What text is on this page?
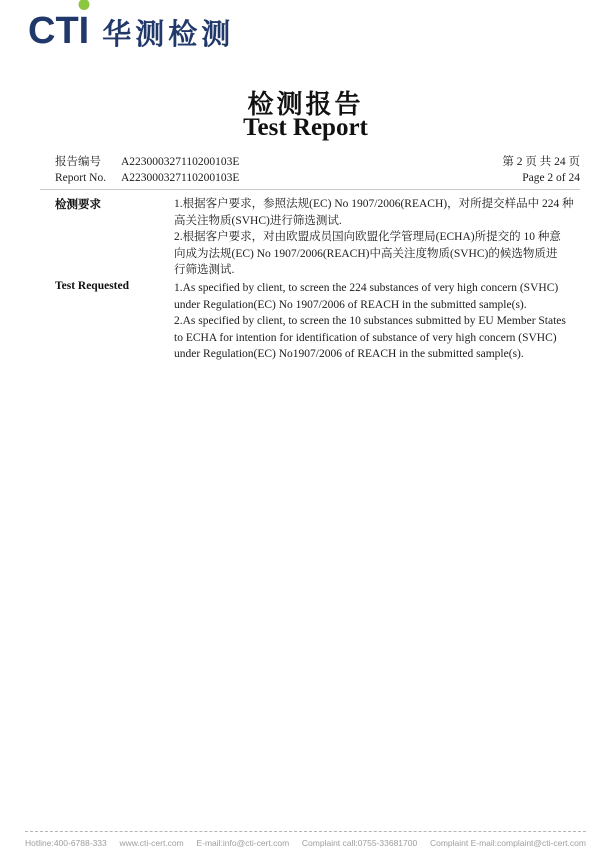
CT I 华测检测
检测报告
Test Report
报告编号	A223000327110200103E	第 2 页 共 24 页
Report No.	A223000327110200103E	Page 2 of 24
检测要求	1.根据客户要求，参照法规(EC) No 1907/2006(REACH)，对所提交样品中 224 种
高关注物质(SVHC)进行筛选测试.
2.根据客户要求，对由欧盟成员国向欧盟化学管理局(ECHA)所提交的 10 种意
向成为法规(EC) No 1907/2006(REACH)中高关注度物质(SVHC)的候选物质进
行筛选测试.
Test Requested	1.As specified by client, to screen the 224 substances of very high concern (SVHC)
under Regulation(EC) No 1907/2006 of REACH in the submitted sample(s).
2.As specified by client, to screen the 10 substances submitted by EU Member States
to ECHA for intention for identification of substance of very high concern (SVHC)
under Regulation(EC) No1907/2006 of REACH in the submitted sample(s).
Hotline:400-6788-333 www.cti-cert.com E-mail:info@cti-cert.com Complaint call:0755-33681700 Complaint E-mail:complaint@cti-cert.com
